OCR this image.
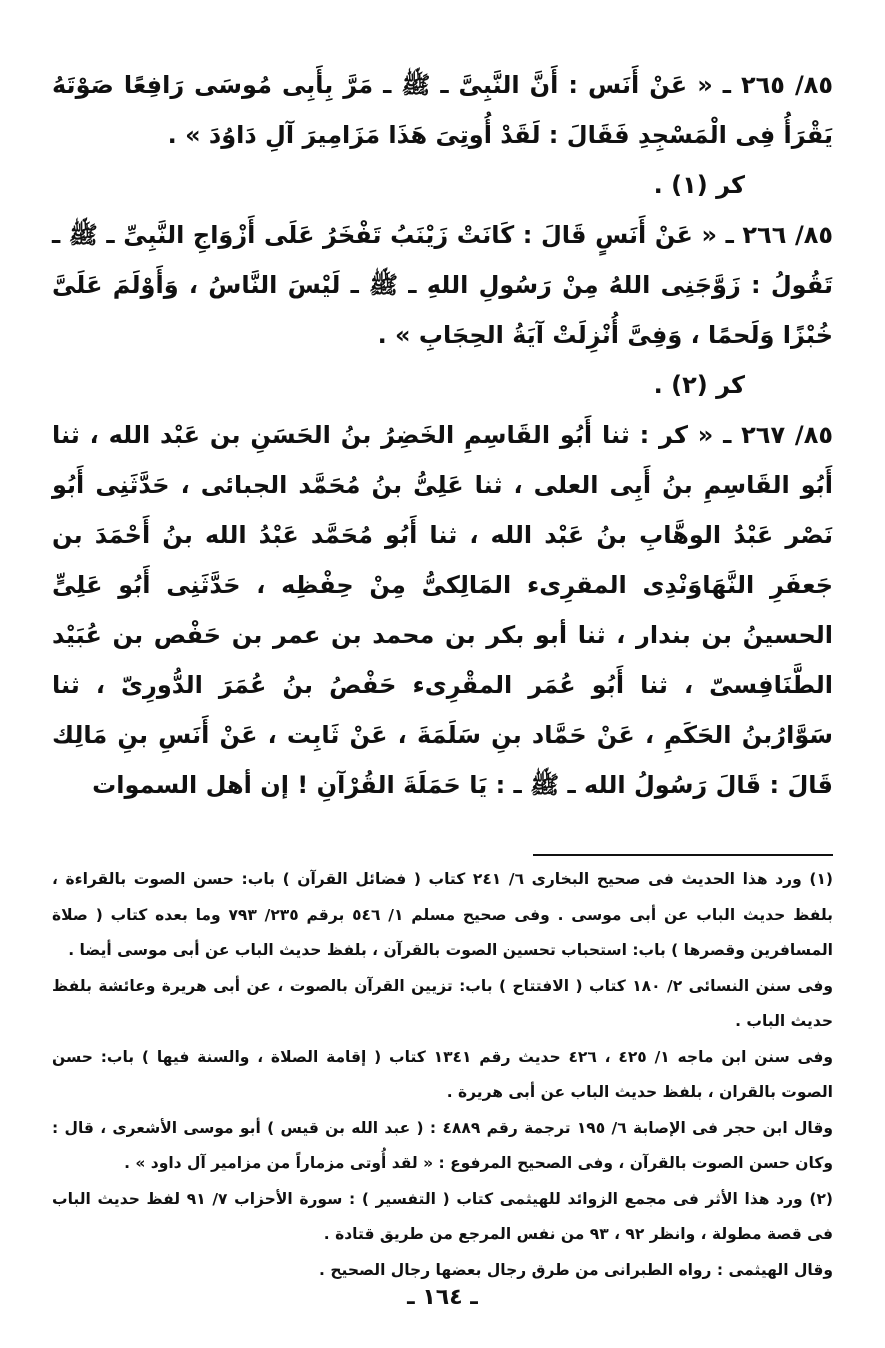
٨٥/ ٢٦٥ ـ « عَنْ أَنَس : أَنَّ النَّبِىَّ ـ ﷺ ـ مَرَّ بِأَبِى مُوسَى رَافِعًا صَوْتَهُ يَقْرَأُ فِى الْمَسْجِدِ فَقَالَ : لَقَدْ أُوتِىَ هَذَا مَزَامِيرَ آلِ دَاوُدَ » .

كر (١) .

٨٥/ ٢٦٦ ـ « عَنْ أَنَسٍ قَالَ : كَانَتْ زَيْنَبُ تَفْخَرُ عَلَى أَزْوَاجِ النَّبِىِّ ـ ﷺ ـ تَقُولُ : زَوَّجَنِى اللهُ مِنْ رَسُولِ اللهِ ـ ﷺ ـ لَيْسَ النَّاسُ ، وَأَوْلَمَ عَلَىَّ خُبْزًا وَلَحمًا ، وَفِىَّ أُنْزِلَتْ آيَةُ الحِجَابِ » .

كر (٢) .

٨٥/ ٢٦٧ ـ « كر : ثنا أَبُو القَاسِمِ الخَضِرُ بنُ الحَسَنِ بن عَبْد الله ، ثنا أَبُو القَاسِمِ بنُ أَبِى العلى ، ثنا عَلِىُّ بنُ مُحَمَّد الجبائى ، حَدَّثَنِى أَبُو نَصْر عَبْدُ الوهَّابِ بنُ عَبْد الله ، ثنا أَبُو مُحَمَّد عَبْدُ الله بنُ أَحْمَدَ بن جَعفَرِ النَّهَاوَنْدِى المقرِىء المَالِكىُّ مِنْ حِفْظِه ، حَدَّثَنِى أَبُو عَلِىٍّ الحسينُ بن بندار ، ثنا أبو بكر بن محمد بن عمر بن حَفْص بن عُبَيْد الطَّنَافِسىّ ، ثنا أَبُو عُمَر المقْرِىء حَفْصُ بنُ عُمَرَ الدُّورِىّ ، ثنا سَوَّارُبنُ الحَكَمِ ، عَنْ حَمَّاد بنِ سَلَمَةَ ، عَنْ ثَابِت ، عَنْ أَنَسِ بنِ مَالِك قَالَ : قَالَ رَسُولُ الله ـ ﷺ ـ : يَا حَمَلَةَ القُرْآنِ ! إن أهل السموات

(١) ورد هذا الحديث فى صحيح البخارى ٦/ ٢٤١ كتاب ( فضائل القرآن ) باب: حسن الصوت بالقراءة ، بلفظ حديث الباب عن أبى موسى . وفى صحيح مسلم ١/ ٥٤٦ برقم ٢٣٥/ ٧٩٣ وما بعده كتاب ( صلاة المسافرين وقصرها ) باب: استحباب تحسين الصوت بالقرآن ، بلفظ حديث الباب عن أبى موسى أيضا .

وفى سنن النسائى ٢/ ١٨٠ كتاب ( الافتتاح ) باب: تزيين القرآن بالصوت ، عن أبى هريرة وعائشة بلفظ حديث الباب .

وفى سنن ابن ماجه ١/ ٤٢٥ ، ٤٢٦ حديث رقم ١٣٤١ كتاب ( إقامة الصلاة ، والسنة فيها ) باب: حسن الصوت بالقران ، بلفظ حديث الباب عن أبى هريرة .

وقال ابن حجر فى الإصابة ٦/ ١٩٥ ترجمة رقم ٤٨٨٩ : ( عبد الله بن قيس ) أبو موسى الأشعرى ، قال : وكان حسن الصوت بالقرآن ، وفى الصحيح المرفوع : « لقد أُوتى مزماراً من مزامير آل داود » .

(٢) ورد هذا الأثر فى مجمع الزوائد للهيثمى كتاب ( التفسير ) : سورة الأحزاب ٧/ ٩١ لفظ حديث الباب فى قصة مطولة ، وانظر ٩٢ ، ٩٣ من نفس المرجع من طريق قتادة .

وقال الهيثمى : رواه الطبرانى من طرق رجال بعضها رجال الصحيح .

ـ ١٦٤ ـ
